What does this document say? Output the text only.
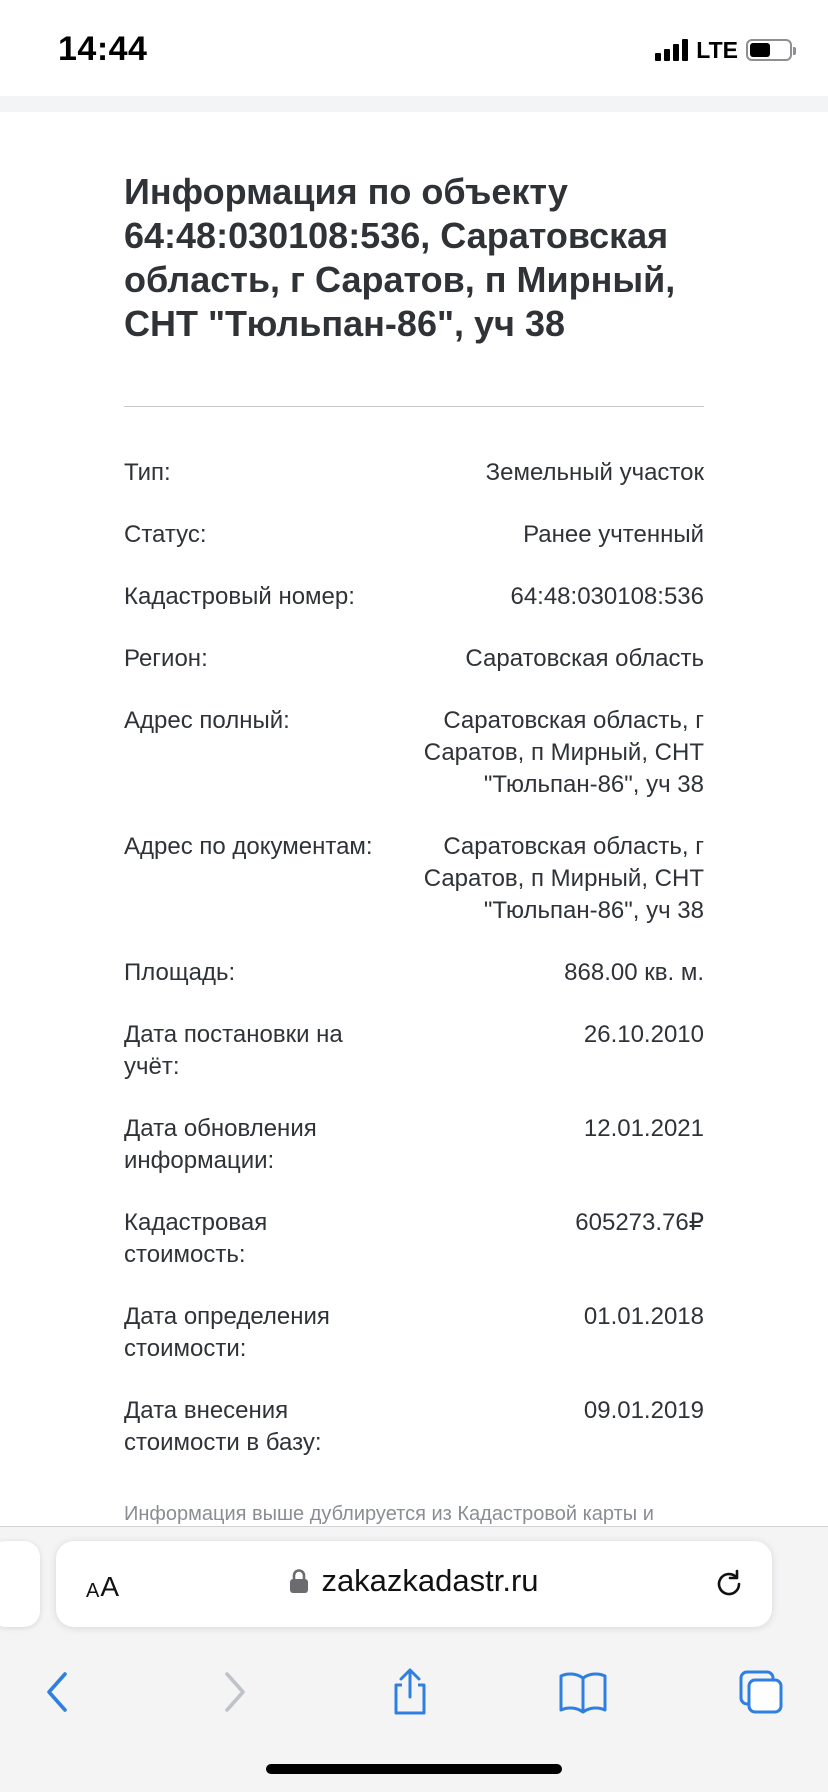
14:44	LTE
Информация по объекту 64:48:030108:536, Саратовская область, г Саратов, п Мирный, СНТ "Тюльпан-86", уч 38
Тип:	Земельный участок
Статус:	Ранее учтенный
Кадастровый номер:	64:48:030108:536
Регион:	Саратовская область
Адрес полный:	Саратовская область, г Саратов, п Мирный, СНТ "Тюльпан-86", уч 38
Адрес по документам:	Саратовская область, г Саратов, п Мирный, СНТ "Тюльпан-86", уч 38
Площадь:	868.00 кв. м.
Дата постановки на учёт:
26.10.2010
Дата обновления информации:
12.01.2021
Кадастровая стоимость:
605273.76₽
Дата определения стоимости:
01.01.2018
Дата внесения стоимости в базу:
09.01.2019
Информация выше дублируется из Кадастровой карты и
A A	zakazkadastr.ru
